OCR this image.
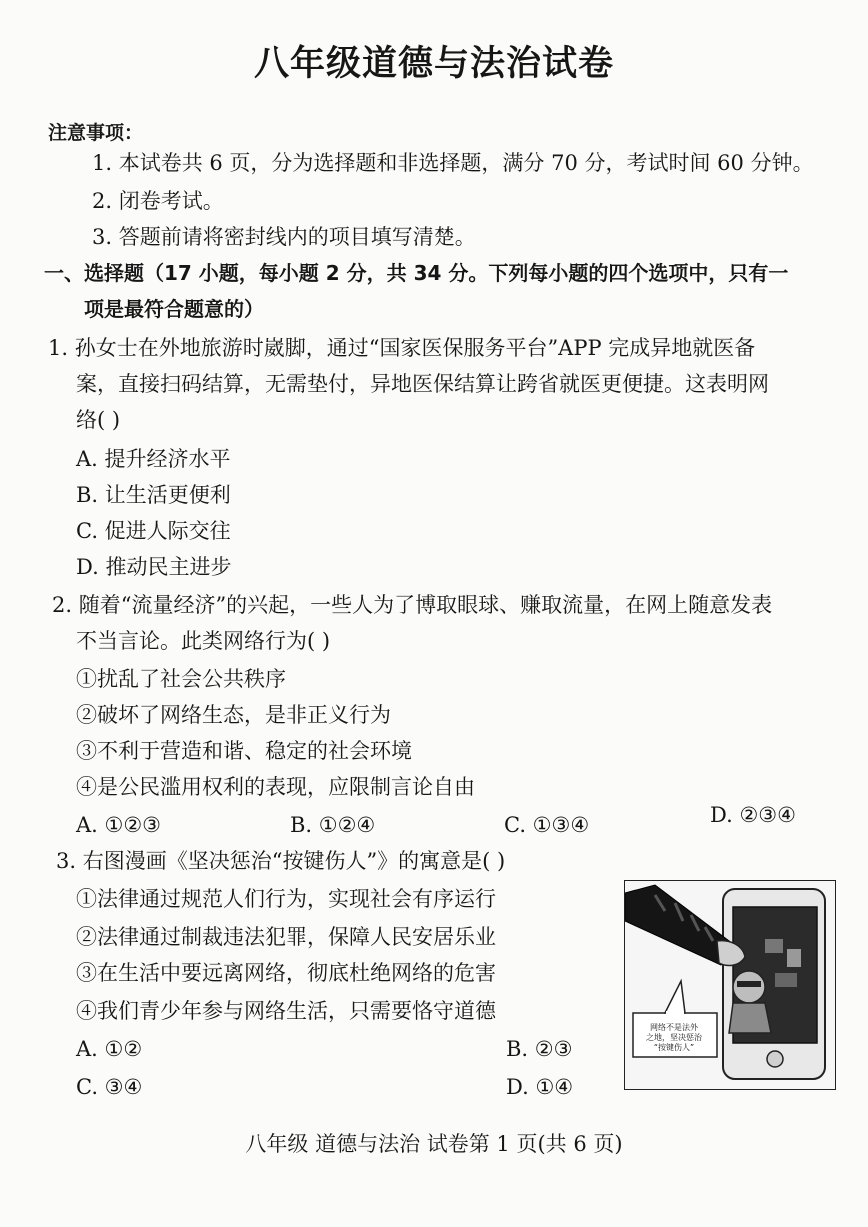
八年级道德与法治试卷
注意事项：
1. 本试卷共 6 页，分为选择题和非选择题，满分 70 分，考试时间 60 分钟。
2. 闭卷考试。
3. 答题前请将密封线内的项目填写清楚。
一、选择题（17 小题，每小题 2 分，共 34 分。下列每小题的四个选项中，只有一
项是最符合题意的）
1. 孙女士在外地旅游时崴脚，通过“国家医保服务平台”APP 完成异地就医备
案，直接扫码结算，无需垫付，异地医保结算让跨省就医更便捷。这表明网
络( )
A. 提升经济水平
B. 让生活更便利
C. 促进人际交往
D. 推动民主进步
2. 随着“流量经济”的兴起，一些人为了博取眼球、赚取流量，在网上随意发表
不当言论。此类网络行为( )
①扰乱了社会公共秩序
②破坏了网络生态，是非正义行为
③不利于营造和谐、稳定的社会环境
④是公民滥用权利的表现，应限制言论自由
A. ①②③	B. ①②④	C. ①③④	D. ②③④
3. 右图漫画《坚决惩治“按键伤人”》的寓意是( )
①法律通过规范人们行为，实现社会有序运行
②法律通过制裁违法犯罪，保障人民安居乐业
③在生活中要远离网络，彻底杜绝网络的危害
④我们青少年参与网络生活，只需要恪守道德
A. ①②	B. ②③
C. ③④	D. ①④
网络不是法外
之地，坚决惩治
“按键伤人”
八年级 道德与法治 试卷第 1 页(共 6 页)
